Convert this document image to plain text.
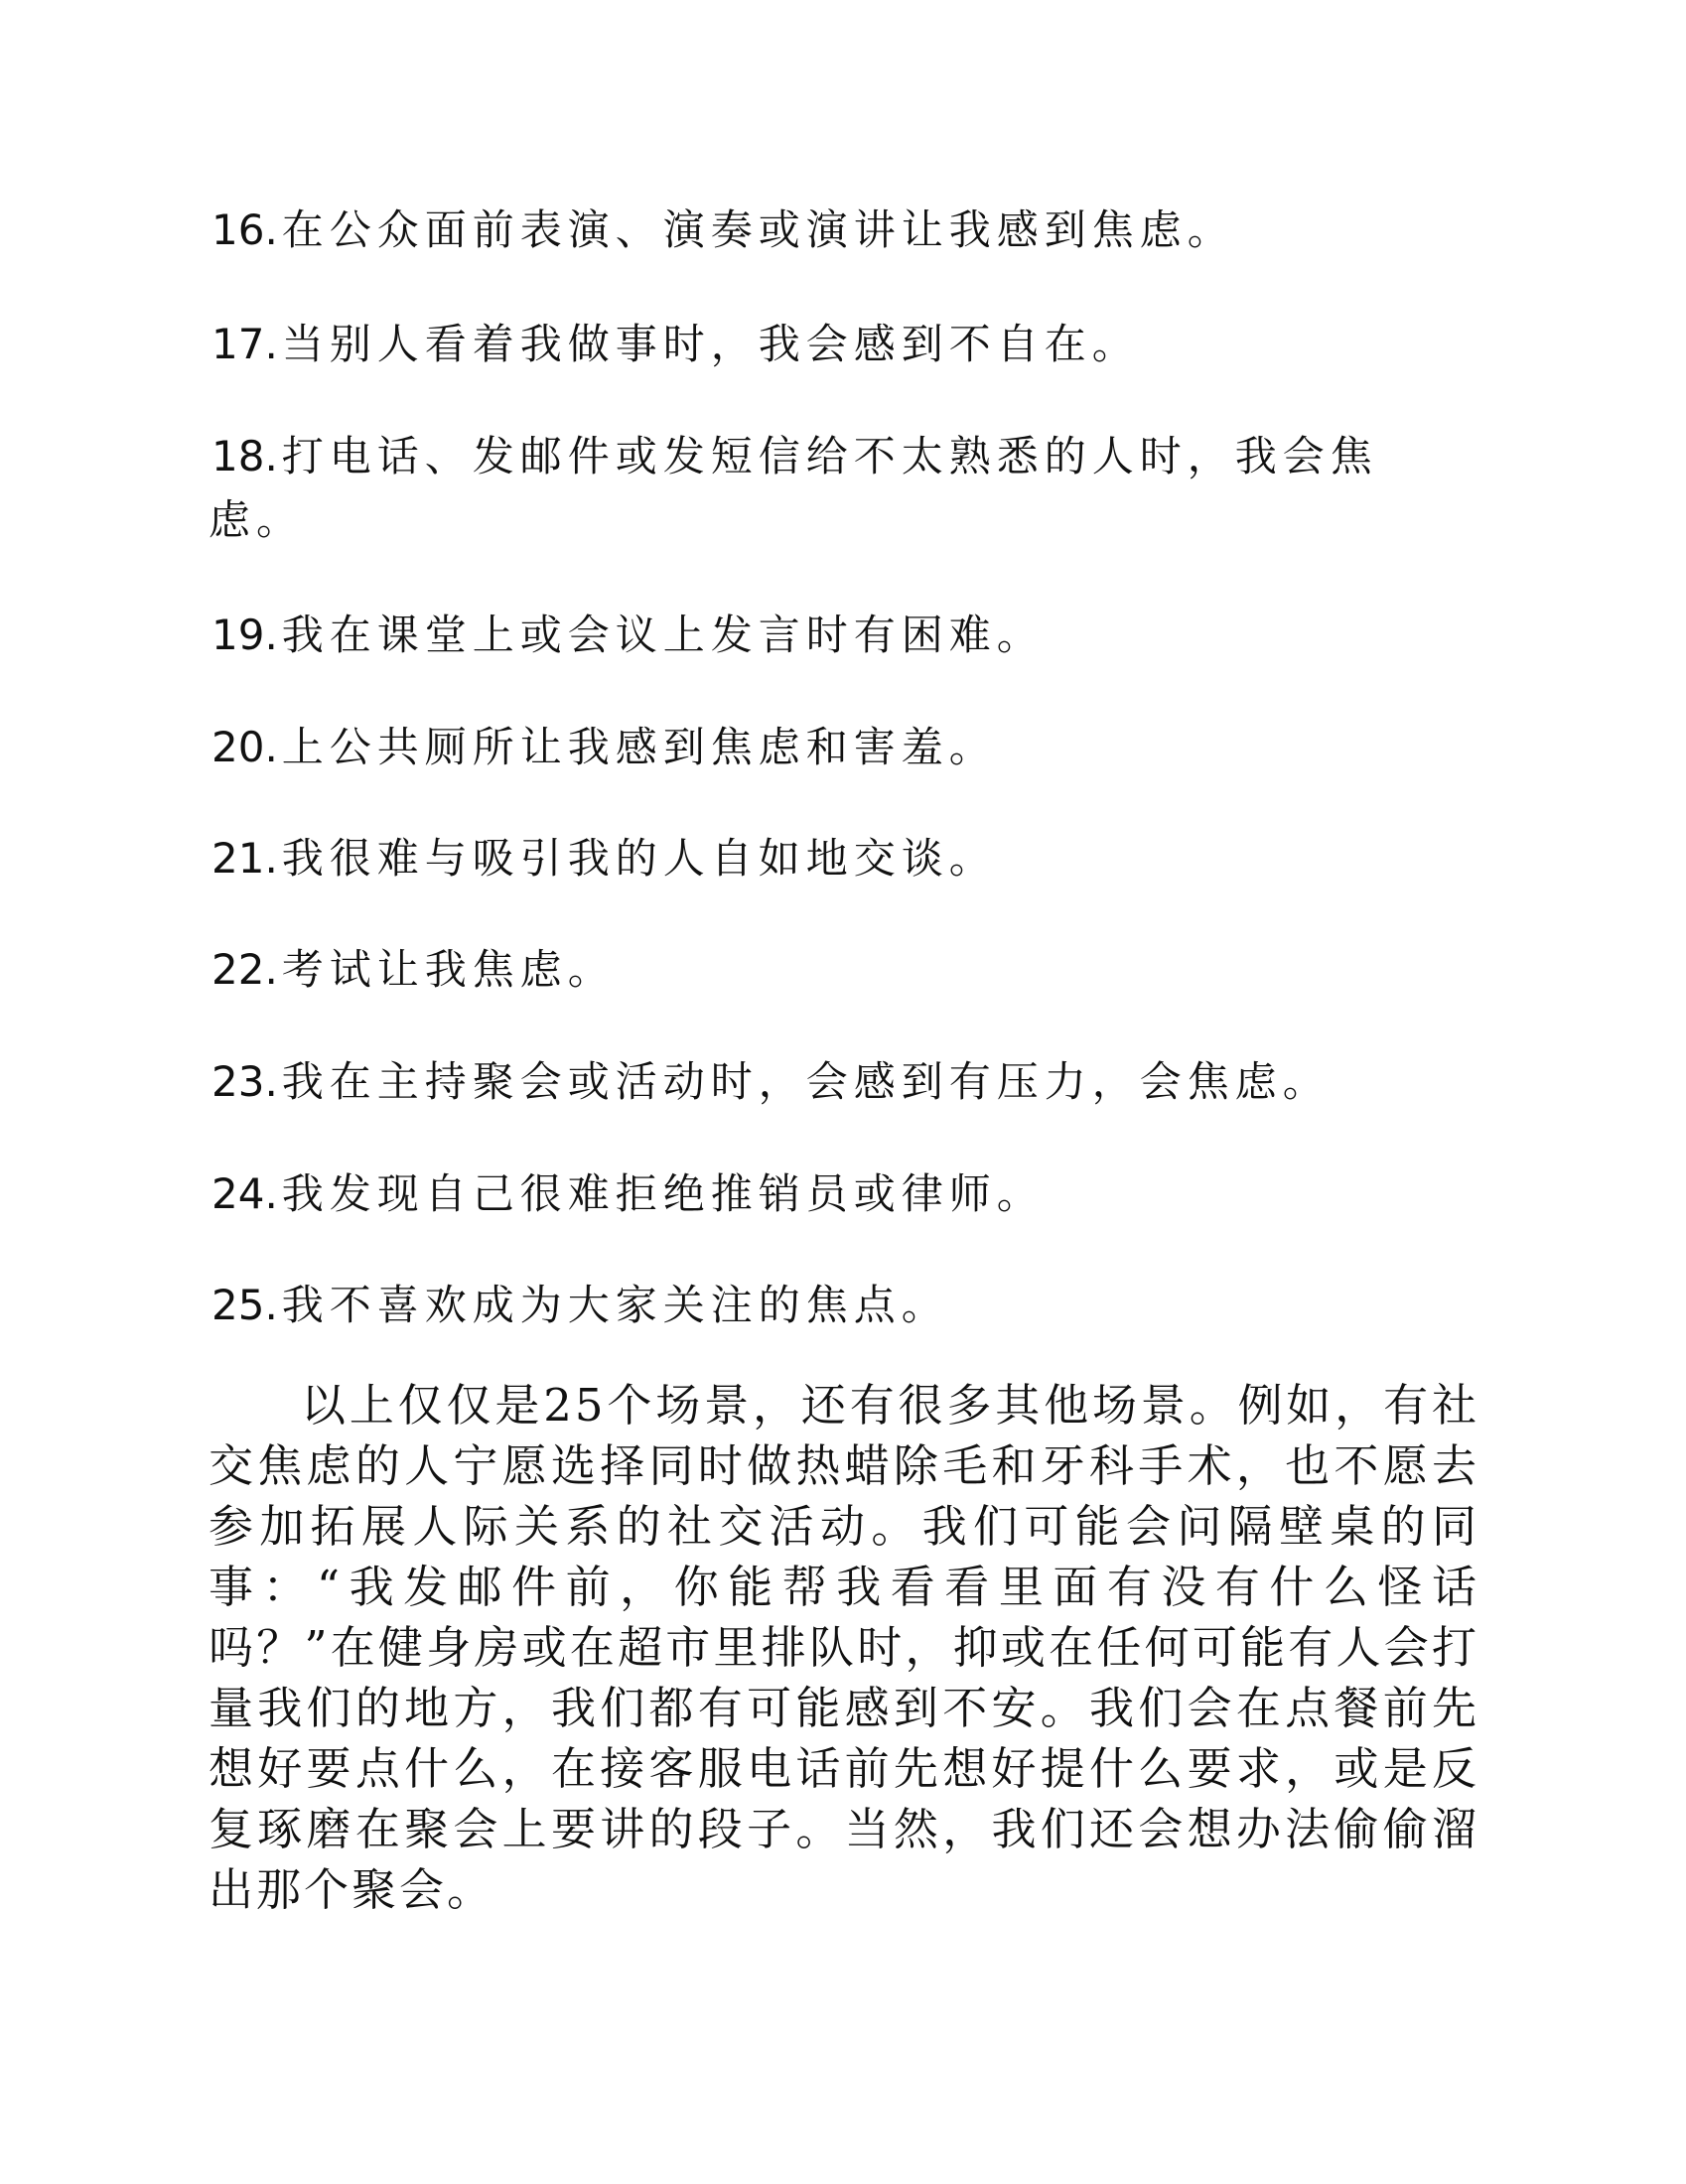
16.在公众面前表演、演奏或演讲让我感到焦虑。
17.当别人看着我做事时，我会感到不自在。
18.打电话、发邮件或发短信给不太熟悉的人时，我会焦
虑。
19.我在课堂上或会议上发言时有困难。
20.上公共厕所让我感到焦虑和害羞。
21.我很难与吸引我的人自如地交谈。
22.考试让我焦虑。
23.我在主持聚会或活动时，会感到有压力，会焦虑。
24.我发现自己很难拒绝推销员或律师。
25.我不喜欢成为大家关注的焦点。
以上仅仅是25个场景，还有很多其他场景。例如，有社交焦虑的人宁愿选择同时做热蜡除毛和牙科手术，也不愿去参加拓展人际关系的社交活动。我们可能会问隔壁桌的同事：“我发邮件前，你能帮我看看里面有没有什么怪话吗？”在健身房或在超市里排队时，抑或在任何可能有人会打量我们的地方，我们都有可能感到不安。我们会在点餐前先想好要点什么，在接客服电话前先想好提什么要求，或是反复琢磨在聚会上要讲的段子。当然，我们还会想办法偷偷溜出那个聚会。
